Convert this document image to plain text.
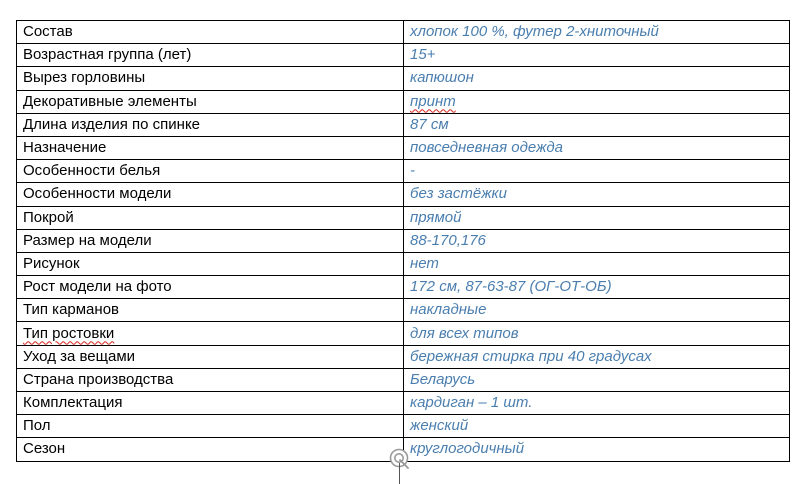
Состав	хлопок 100 %, футер 2-хниточный
Возрастная группа (лет)	15+
Вырез горловины	капюшон
Декоративные элементы	принт
Длина изделия по спинке	87 см
Назначение	повседневная одежда
Особенности белья	-
Особенности модели	без застёжки
Покрой	прямой
Размер на модели	88-170,176
Рисунок	нет
Рост модели на фото	172 см, 87-63-87 (ОГ-ОТ-ОБ)
Тип карманов	накладные
Тип ростовки	для всех типов
Уход за вещами	бережная стирка при 40 градусах
Страна производства	Беларусь
Комплектация	кардиган – 1 шт.
Пол	женский
Сезон	круглогодичный
